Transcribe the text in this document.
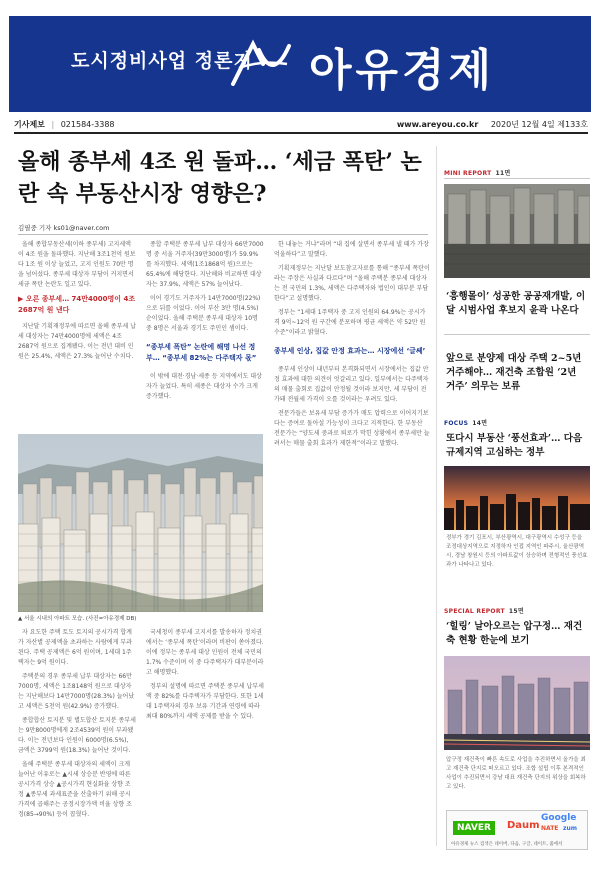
도시정비사업 정론지 아유경제
기사제보 | 021584-3388	www.areyou.co.kr 2020년 12월 4일 제133호
올해 종부세 4조 원 돌파… ‘세금 폭탄’ 논란 속 부동산시장 영향은?
김필중 기자 ks01@naver.com

올해 종합부동산세(이하 종부세) 고지세액이 4조 원을 돌파했다. 지난해 3조1천억 원보다 1조 원 이상 늘었고, 고지 인원도 70만 명을 넘어섰다. 종부세 대상자 부담이 커지면서 세금 폭탄 논란도 일고 있다.

▶ 오른 종부세… 74만4000명이 4조2687억 원 낸다

지난달 기획재정부에 따르면 올해 종부세 납세 대상자는 74만4000명에 세액은 4조2687억 원으로 집계됐다. 이는 전년 대비 인원은 25.4%, 세액은 27.3% 늘어난 수치다.

종합 주택분 종부세 납부 대상자 66만7000명 중 서울 거주자(39만3000명)가 59.9%를 차지했다. 세액(1조1868억 원)으로는 65.4%에 해당한다. 지난해와 비교하면 대상자는 37.9%, 세액은 57% 늘어났다.

이어 경기도 거주자가 14만7000명(22%)으로 뒤를 이었다. 이어 부산 3만 명(4.5%) 순이었다. 올해 주택분 종부세 대상자 10명 중 8명은 서울과 경기도 주민인 셈이다.

“종부세 폭탄” 논란에 해명 나선 정부… “종부세 82%는 다주택자 몫”

이 밖에 대전·경남·세종 등 지역에서도 대상자가 늘었다. 특히 세종은 대상자 수가 크게 증가했다.

▲ 서울 시내의 아파트 모습. (사진=아유경제 DB)

자 요도한 주택 토도 토지의 공시가격 합계가 자산별 공제액을 초과하는 사람에게 부과된다. 주택 공제액은 6억 원이며, 1세대 1주택자는 9억 원이다.

주택분의 경우 종부세 납부 대상자는 66만7000명, 세액은 1조8148억 원으로 대상자는 지난해보다 14만7000명(28.3%) 늘어났고 세액은 5천억 원(42.9%) 증가했다.

종합합산 토지분 및 별도합산 토지분 종부세는 9만8000명에게 2조4539억 원이 부과됐다. 이는 전년보다 인원이 6000명(6.5%), 금액은 3799억 원(18.3%) 늘어난 것이다.

올해 주택분 종부세 대상자의 세액이 크게 늘어난 이유로는 ▲시세 상승분 반영에 따른 공시가격 상승 ▲공시가격 현실화율 상향 조정 ▲종부세 과세표준을 산출하기 위해 공시가격에 곱해주는 공정시장가액 비율 상향 조정(85→90%) 등이 꼽혔다.

국세청이 종부세 고지서를 발송하자 정치권에서는 ‘종부세 폭탄’이라며 비판이 쏟아졌다. 이에 정부는 종부세 대상 인원이 전체 국민의 1.7% 수준이며 이 중 다주택자가 대부분이라고 해명했다.

정부의 설명에 따르면 주택분 종부세 납부세액 중 82%를 다주택자가 부담한다. 또한 1세대 1주택자의 경우 보유 기간과 연령에 따라 최대 80%까지 세액 공제를 받을 수 있다.

한 내놓는 거냐”라며 “내 집에 살면서 종부세 낼 때가 가장 억울하다”고 말했다.

기획재정부는 지난달 보도참고자료를 통해 “종부세 폭탄이라는 주장은 사실과 다르다”며 “올해 주택분 종부세 대상자는 전 국민의 1.3%, 세액은 다주택자와 법인이 대부분 부담한다”고 설명했다.

정부는 “1세대 1주택자 중 고지 인원의 64.9%는 공시가격 9억~12억 원 구간에 분포하며 평균 세액은 약 52만 원 수준”이라고 밝혔다.

종부세 인상, 집값 안정 효과는… 시장에선 ‘글쎄’

종부세 인상이 내년부터 본격화되면서 시장에서는 집값 안정 효과에 대한 의견이 엇갈리고 있다. 일부에서는 다주택자의 매물 출회로 집값이 안정될 것이라 보지만, 세 부담이 전가돼 전월세 가격이 오를 것이라는 우려도 있다.

전문가들은 보유세 부담 증가가 매도 압력으로 이어지기보다는 증여로 돌아설 가능성이 크다고 지적한다. 한 부동산 전문가는 “양도세 중과로 퇴로가 막힌 상황에서 종부세만 늘려서는 매물 출회 효과가 제한적”이라고 말했다.

MINI REPORT 11면
‘흥행몰이’ 성공한 공공재개발, 이달 시범사업 후보지 윤곽 나온다
앞으로 분양제 대상 주택 2~5년 거주해야… 재건축 조합원 ‘2년 거주’ 의무는 보류
FOCUS 14면
또다시 부동산 ‘풍선효과’… 다음 규제지역 고심하는 정부
정부가 경기 김포시, 부산광역시, 대구광역시 수성구 등을 조정대상지역으로 지정하자 인접 지역인 파주시, 울산광역시, 경남 창원시 등의 아파트값이 상승하며 전형적인 풍선효과가 나타나고 있다.
SPECIAL REPORT 15면
‘힐링’ 날아오르는 압구정… 재건축 현황 한눈에 보기
압구정 재건축이 빠른 속도로 사업을 추진하면서 올가을 최고 재건축 단지로 떠오르고 있다. 조합 설립 이후 본격적인 사업이 추진되면서 강남 대표 재건축 단지의 위상을 회복하고 있다.
NAVER	Daum
Google
NATE zum
아유경제 뉴스 검색은 네이버, 다음, 구글, 네이트, 줌에서
